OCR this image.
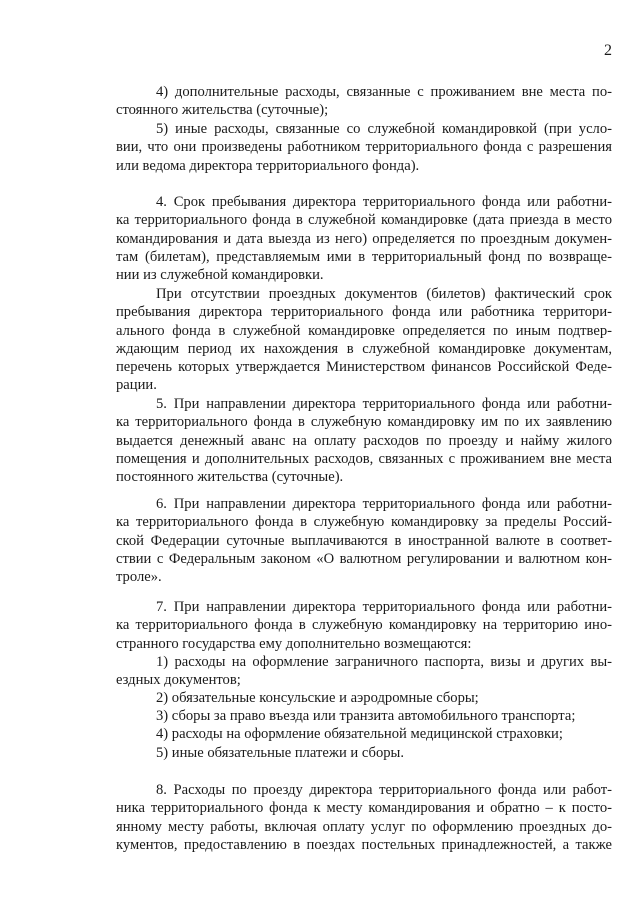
2
4) дополнительные расходы, связанные с проживанием вне места по-
стоянного жительства (суточные);
5) иные расходы, связанные со служебной командировкой (при усло-
вии, что они произведены работником территориального фонда с разрешения
или ведома директора территориального фонда).
4. Срок пребывания директора территориального фонда или работни-
ка территориального фонда в служебной командировке (дата приезда в место
командирования и дата выезда из него) определяется по проездным докумен-
там (билетам), представляемым ими в территориальный фонд по возвраще-
нии из служебной командировки.
При отсутствии проездных документов (билетов) фактический срок
пребывания директора территориального фонда или работника территори-
ального фонда в служебной командировке определяется по иным подтвер-
ждающим период их нахождения в служебной командировке документам,
перечень которых утверждается Министерством финансов Российской Феде-
рации.
5. При направлении директора территориального фонда или работни-
ка территориального фонда в служебную командировку им по их заявлению
выдается денежный аванс на оплату расходов по проезду и найму жилого
помещения и дополнительных расходов, связанных с проживанием вне места
постоянного жительства (суточные).
6. При направлении директора территориального фонда или работни-
ка территориального фонда в служебную командировку за пределы Россий-
ской Федерации суточные выплачиваются в иностранной валюте в соответ-
ствии с Федеральным законом «О валютном регулировании и валютном кон-
троле».
7. При направлении директора территориального фонда или работни-
ка территориального фонда в служебную командировку на территорию ино-
странного государства ему дополнительно возмещаются:
1) расходы на оформление заграничного паспорта, визы и других вы-
ездных документов;
2) обязательные консульские и аэродромные сборы;
3) сборы за право въезда или транзита автомобильного транспорта;
4) расходы на оформление обязательной медицинской страховки;
5) иные обязательные платежи и сборы.
8. Расходы по проезду директора территориального фонда или работ-
ника территориального фонда к месту командирования и обратно – к посто-
янному месту работы, включая оплату услуг по оформлению проездных до-
кументов, предоставлению в поездах постельных принадлежностей, а также
